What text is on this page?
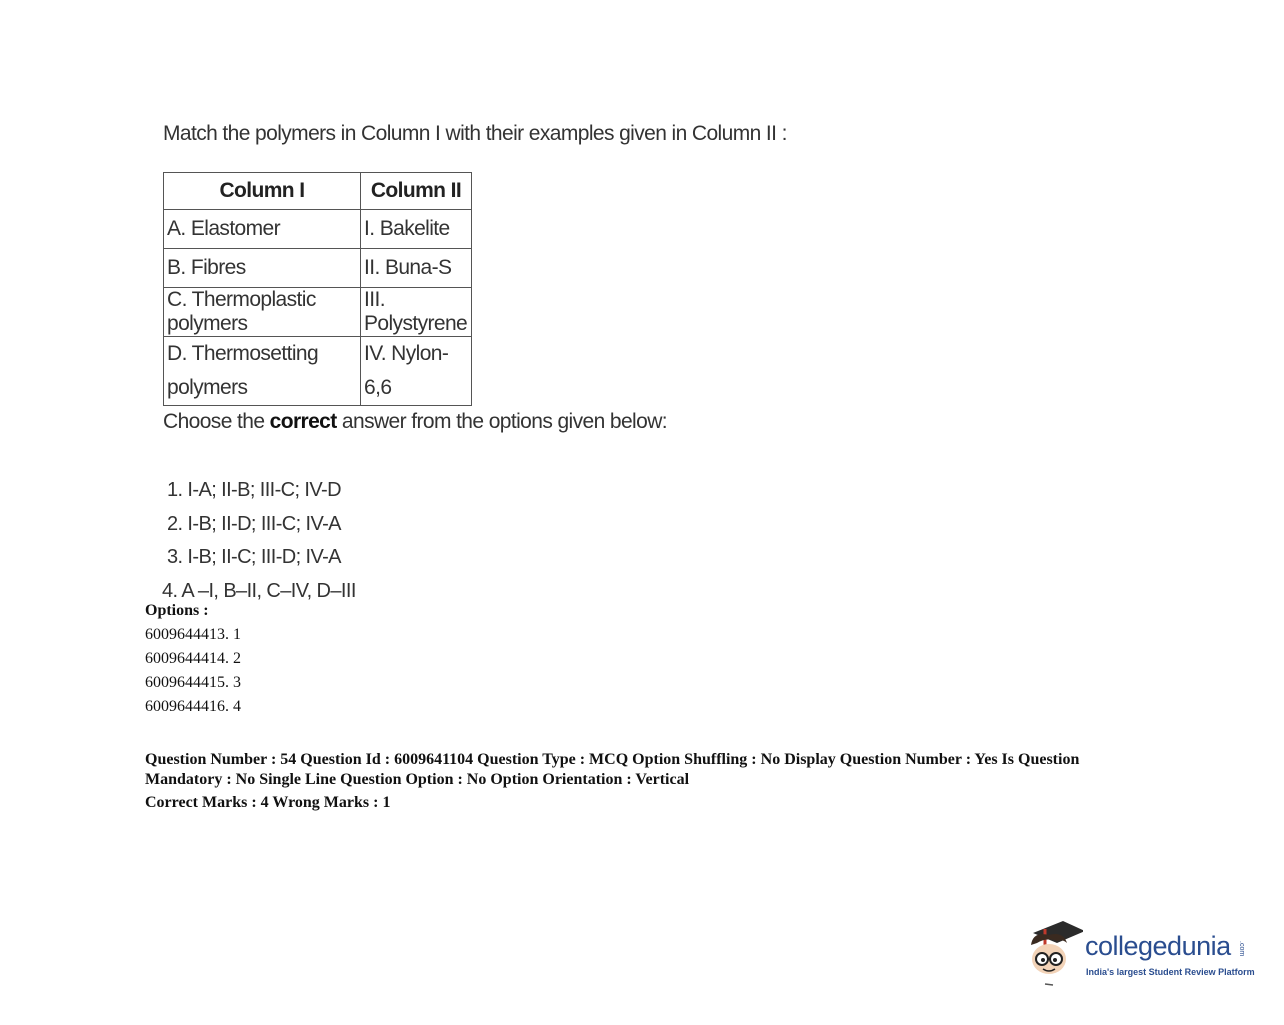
Match the polymers in Column I with their examples given in Column II :

Column I	Column II
A. Elastomer	I. Bakelite
B. Fibres	II. Buna-S
C. Thermoplastic polymers	III. Polystyrene
D. Thermosetting polymers	IV. Nylon-6,6
Choose the correct answer from the options given below:
1. I-A; II-B; III-C; IV-D
2. I-B; II-D; III-C; IV-A
3. I-B; II-C; III-D; IV-A
4. A –I, B–II, C–IV, D–III
Options :
6009644413. 1
6009644414. 2
6009644415. 3
6009644416. 4
Question Number : 54 Question Id : 6009641104 Question Type : MCQ Option Shuffling : No Display Question Number : Yes Is Question Mandatory : No Single Line Question Option : No Option Orientation : Vertical
Correct Marks : 4 Wrong Marks : 1
collegedunia .com
India's largest Student Review Platform
